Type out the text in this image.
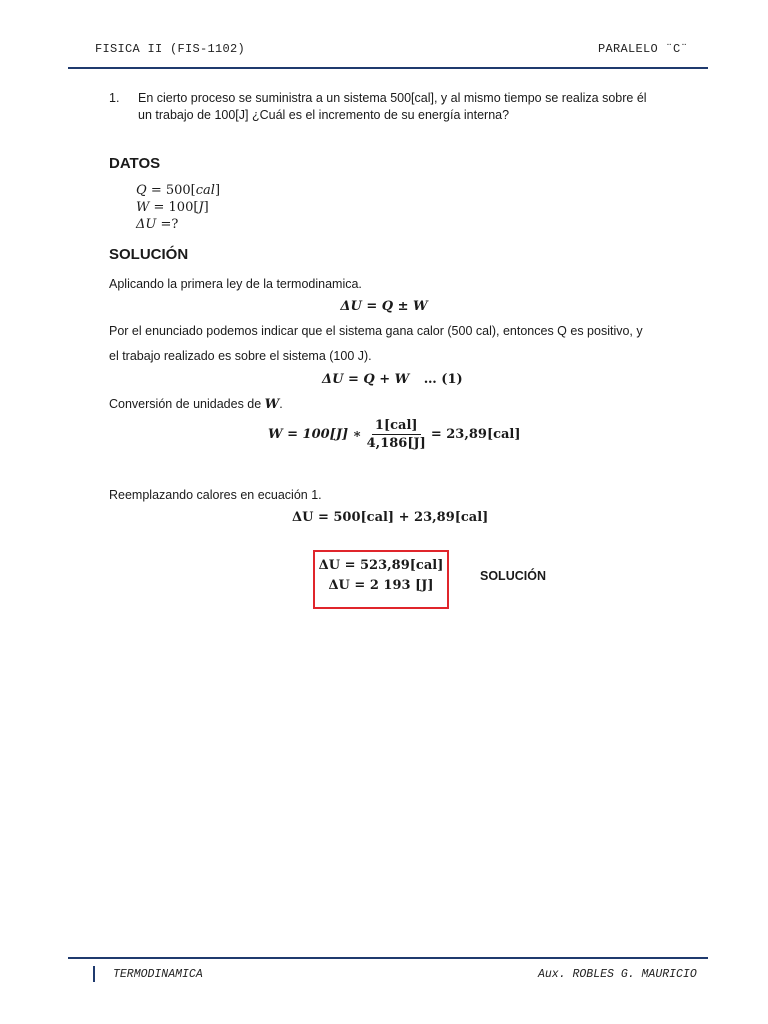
FISICA II (FIS-1102)	PARALELO ¨C¨
1. En cierto proceso se suministra a un sistema 500[cal], y al mismo tiempo se realiza sobre él
un trabajo de 100[J] ¿Cuál es el incremento de su energía interna?
DATOS
Q = 500[cal]
W = 100[J]
ΔU =?
SOLUCIÓN
Aplicando la primera ley de la termodinamica.
ΔU = Q ± W
Por el enunciado podemos indicar que el sistema gana calor (500 cal), entonces Q es positivo, y
el trabajo realizado es sobre el sistema (100 J).
ΔU = Q + W … (1)
Conversión de unidades de W.
W = 100[J] ∗ $\frac{\text{1[cal]}}{4,186[J]} = 23,89[cal]$
Reemplazando calores en ecuación 1.
ΔU = 500[cal] + 23,89[cal]
ΔU = 523,89[cal]
ΔU = 2 193 [J]
SOLUCIÓN
TERMODINAMICA	Aux. ROBLES G. MAURICIO
